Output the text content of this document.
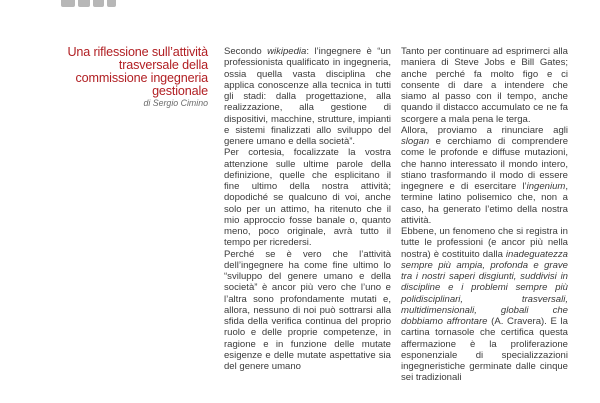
Una riflessione sull’attività trasversale della commissione ingegneria gestionale
di Sergio Cimino

Secondo wikipedia: l’ingegnere è “un professionista qualificato in ingegneria, ossia quella vasta disciplina che applica conoscenze alla tecnica in tutti gli stadi: dalla progettazione, alla realizzazione, alla gestione di dispositivi, macchine, strutture, impianti e sistemi finalizzati allo sviluppo del genere umano e della società”.

Per cortesia, focalizzate la vostra attenzione sulle ultime parole della definizione, quelle che esplicitano il fine ultimo della nostra attività; dopodiché se qualcuno di voi, anche solo per un attimo, ha ritenuto che il mio approccio fosse banale o, quanto meno, poco originale, avrà tutto il tempo per ricredersi.

Perché se è vero che l’attività dell’ingegnere ha come fine ultimo lo “sviluppo del genere umano e della società” è ancor più vero che l’uno e l’altra sono profondamente mutati e, allora, nessuno di noi può sottrarsi alla sfida della verifica continua del proprio ruolo e delle proprie competenze, in ragione e in funzione delle mutate esigenze e delle mutate aspettative sia del genere umano

Tanto per continuare ad esprimerci alla maniera di Steve Jobs e Bill Gates; anche perché fa molto figo e ci consente di dare a intendere che siamo al passo con il tempo, anche quando il distacco accumulato ce ne fa scorgere a mala pena le terga.

Allora, proviamo a rinunciare agli slogan e cerchiamo di comprendere come le profonde e diffuse mutazioni, che hanno interessato il mondo intero, stiano trasformando il modo di essere ingegnere e di esercitare l’ingenium, termine latino polisemico che, non a caso, ha generato l’etimo della nostra attività.

Ebbene, un fenomeno che si registra in tutte le professioni (e ancor più nella nostra) è costituito dalla inadeguatezza sempre più ampia, profonda e grave tra i nostri saperi disgiunti, suddivisi in discipline e i problemi sempre più polidisciplinari, trasversali, multidimensionali, globali che dobbiamo affrontare (A. Cravera). E la cartina tornasole che certifica questa affermazione è la proliferazione esponenziale di specializzazioni ingegneristiche germinate dalle cinque sei tradizionali
